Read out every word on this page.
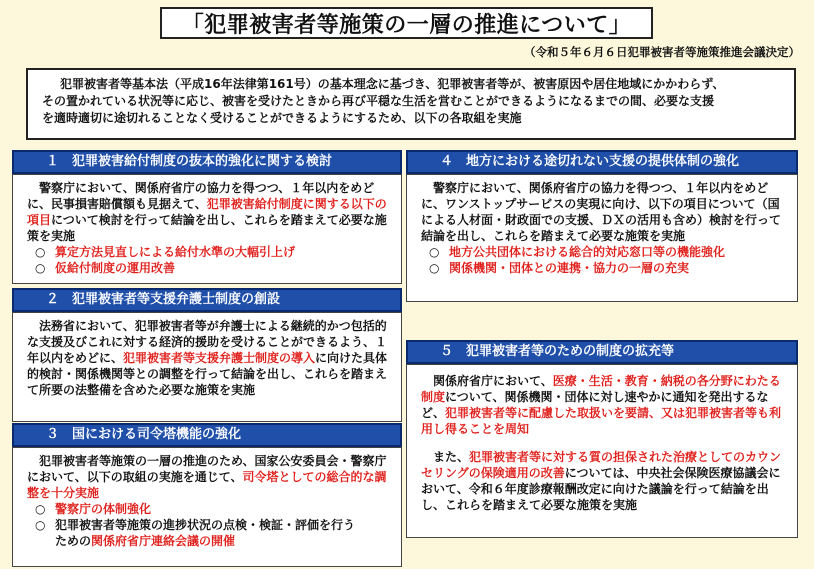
「犯罪被害者等施策の一層の推進について」
（令和５年６月６日犯罪被害者等施策推進会議決定）

犯罪被害者等基本法（平成16年法律第161号）の基本理念に基づき、犯罪被害者等が、被害原因や居住地域にかかわらず、

その置かれている状況等に応じ、被害を受けたときから再び平穏な生活を営むことができるようになるまでの間、必要な支援

を適時適切に途切れることなく受けることができるようにするため、以下の各取組を実施

１　犯罪被害給付制度の抜本的強化に関する検討
警察庁において、関係府省庁の協力を得つつ、１年以内をめどに、民事損害賠償額も見据えて、犯罪被害給付制度に関する以下の項目について検討を行って結論を出し、これらを踏まえて必要な施策を実施
○ 算定方法見直しによる給付水準の大幅引上げ
○ 仮給付制度の運用改善
２　犯罪被害者等支援弁護士制度の創設
法務省において、犯罪被害者等が弁護士による継続的かつ包括的な支援及びこれに対する経済的援助を受けることができるよう、１年以内をめどに、犯罪被害者等支援弁護士制度の導入に向けた具体的検討・関係機関等との調整を行って結論を出し、これらを踏まえて所要の法整備を含めた必要な施策を実施
３　国における司令塔機能の強化
犯罪被害者等施策の一層の推進のため、国家公安委員会・警察庁において、以下の取組の実施を通じて、司令塔としての総合的な調整を十分実施
○ 警察庁の体制強化
○ 犯罪被害者等施策の進捗状況の点検・検証・評価を行う
ための関係府省庁連絡会議の開催
４　地方における途切れない支援の提供体制の強化
警察庁において、関係府省庁の協力を得つつ、１年以内をめどに、ワンストップサービスの実現に向け、以下の項目について（国による人材面・財政面での支援、ＤＸの活用も含め）検討を行って結論を出し、これらを踏まえて必要な施策を実施
○ 地方公共団体における総合的対応窓口等の機能強化
○ 関係機関・団体との連携・協力の一層の充実
５　犯罪被害者等のための制度の拡充等
関係府省庁において、医療・生活・教育・納税の各分野にわたる制度について、関係機関・団体に対し速やかに通知を発出するなど、犯罪被害者等に配慮した取扱いを要請、又は犯罪被害者等も利用し得ることを周知
また、犯罪被害者等に対する質の担保された治療としてのカウンセリングの保険適用の改善については、中央社会保険医療協議会において、令和６年度診療報酬改定に向けた議論を行って結論を出し、これらを踏まえて必要な施策を実施
